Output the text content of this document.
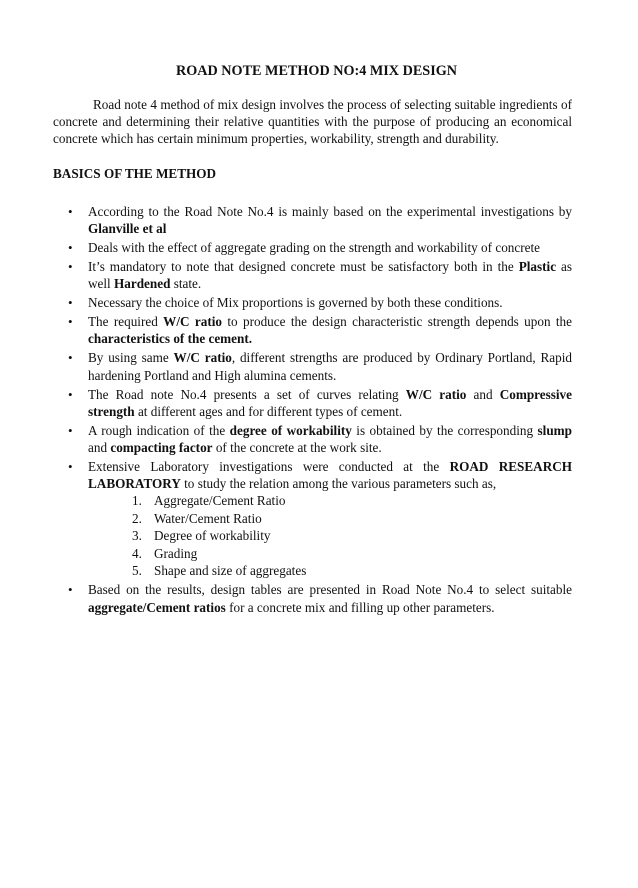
ROAD NOTE METHOD NO:4 MIX DESIGN

Road note 4 method of mix design involves the process of selecting suitable ingredients of concrete and determining their relative quantities with the purpose of producing an economical concrete which has certain minimum properties, workability, strength and durability.

BASICS OF THE METHOD
• According to the Road Note No.4 is mainly based on the experimental investigations by Glanville et al
• Deals with the effect of aggregate grading on the strength and workability of concrete
• It’s mandatory to note that designed concrete must be satisfactory both in the Plastic as well Hardened state.
• Necessary the choice of Mix proportions is governed by both these conditions.
• The required W/C ratio to produce the design characteristic strength depends upon the characteristics of the cement.
• By using same W/C ratio, different strengths are produced by Ordinary Portland, Rapid hardening Portland and High alumina cements.
• The Road note No.4 presents a set of curves relating W/C ratio and Compressive strength at different ages and for different types of cement.
• A rough indication of the degree of workability is obtained by the corresponding slump and compacting factor of the concrete at the work site.
• Extensive Laboratory investigations were conducted at the ROAD RESEARCH LABORATORY to study the relation among the various parameters such as,
1. Aggregate/Cement Ratio
2. Water/Cement Ratio
3. Degree of workability
4. Grading
5. Shape and size of aggregates
• Based on the results, design tables are presented in Road Note No.4 to select suitable aggregate/Cement ratios for a concrete mix and filling up other parameters.
